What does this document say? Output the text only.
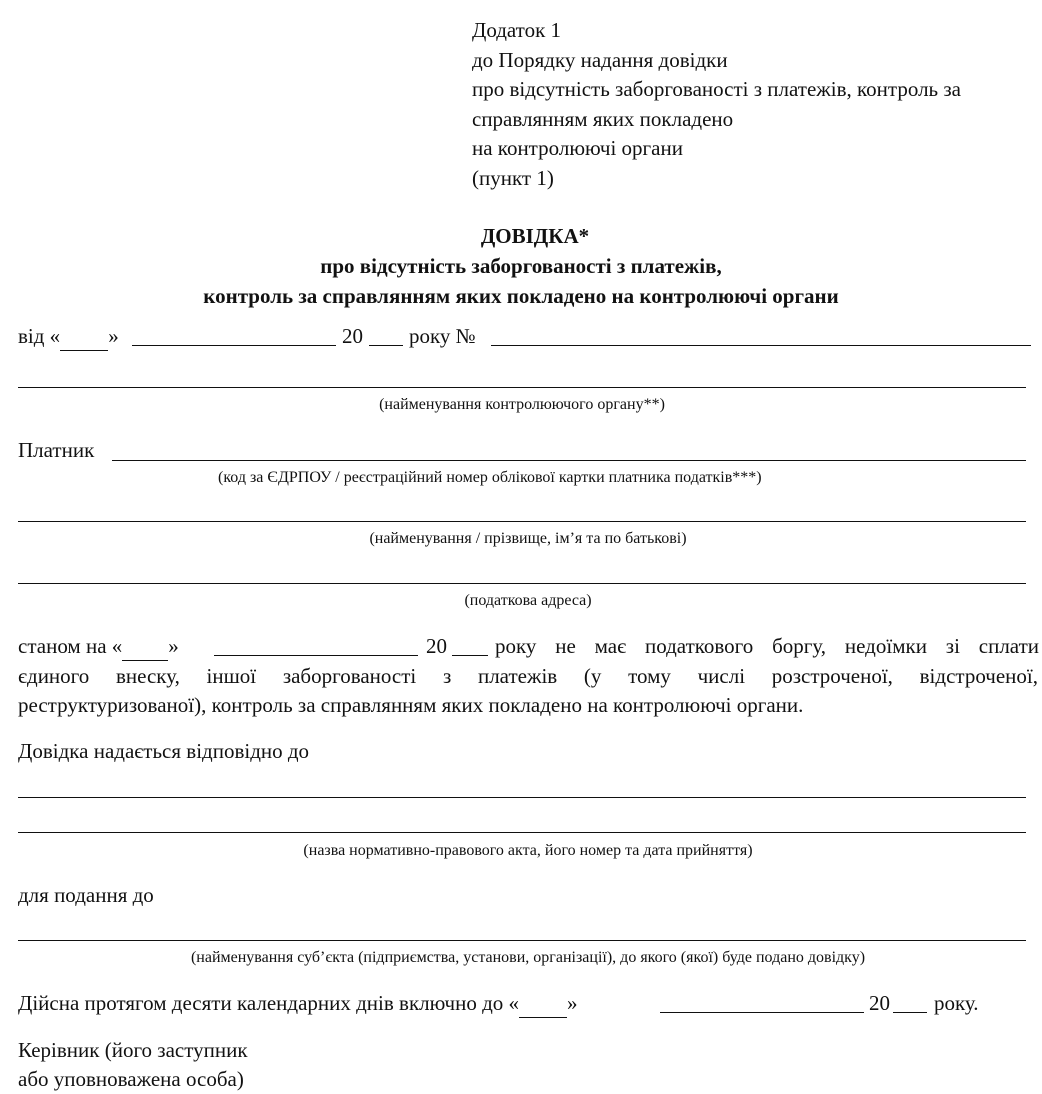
Додаток 1
до Порядку надання довідки
про відсутність заборгованості з платежів, контроль за
справлянням яких покладено
на контролюючі органи
(пункт 1)
ДОВІДКА*
про відсутність заборгованості з платежів,
контроль за справлянням яких покладено на контролюючі органи
від « »	20 року №
(найменування контролюючого органу**)
Платник
(код за ЄДРПОУ / реєстраційний номер облікової картки платника податків***)
(найменування / прізвище, ім’я та по батькові)
(податкова адреса)
станом на « »	20 року не має податкового боргу, недоїмки зі сплати
єдиного внеску, іншої заборгованості з платежів (у тому числі розстроченої, відстроченої,
реструктуризованої), контроль за справлянням яких покладено на контролюючі органи.
Довідка надається відповідно до
(назва нормативно-правового акта, його номер та дата прийняття)
для подання до
(найменування суб’єкта (підприємства, установи, організації), до якого (якої) буде подано довідку)
Дійсна протягом десяти календарних днів включно до « »	20 року.
Керівник (його заступник
або уповноважена особа)
